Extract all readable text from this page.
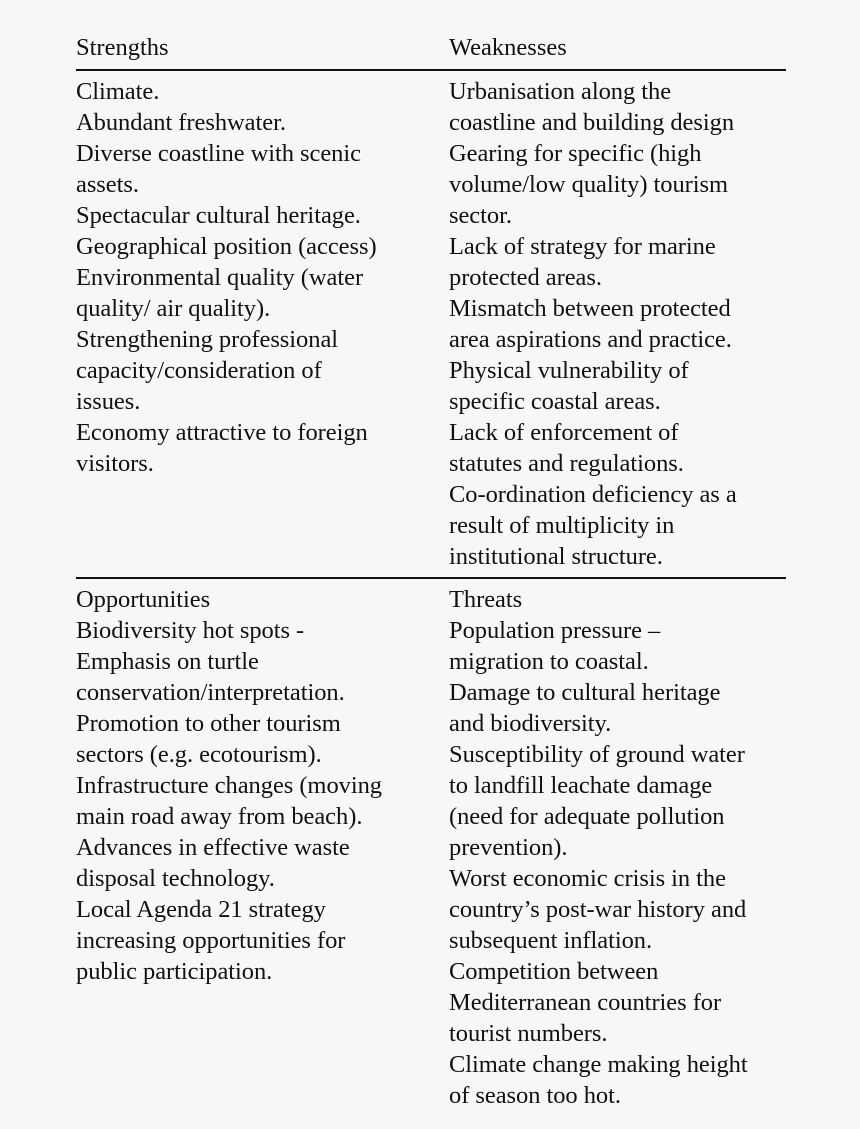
Strengths	Weaknesses
Climate.
Abundant freshwater.
Diverse coastline with scenic
assets.
Spectacular cultural heritage.
Geographical position (access)
Environmental quality (water
quality/ air quality).
Strengthening professional
capacity/consideration of
issues.
Economy attractive to foreign
visitors.
Urbanisation along the
coastline and building design
Gearing for specific (high
volume/low quality) tourism
sector.
Lack of strategy for marine
protected areas.
Mismatch between protected
area aspirations and practice.
Physical vulnerability of
specific coastal areas.
Lack of enforcement of
statutes and regulations.
Co-ordination deficiency as a
result of multiplicity in
institutional structure.
Opportunities
Biodiversity hot spots -
Emphasis on turtle
conservation/interpretation.
Promotion to other tourism
sectors (e.g. ecotourism).
Infrastructure changes (moving
main road away from beach).
Advances in effective waste
disposal technology.
Local Agenda 21 strategy
increasing opportunities for
public participation.
Threats
Population pressure –
migration to coastal.
Damage to cultural heritage
and biodiversity.
Susceptibility of ground water
to landfill leachate damage
(need for adequate pollution
prevention).
Worst economic crisis in the
country’s post-war history and
subsequent inflation.
Competition between
Mediterranean countries for
tourist numbers.
Climate change making height
of season too hot.
